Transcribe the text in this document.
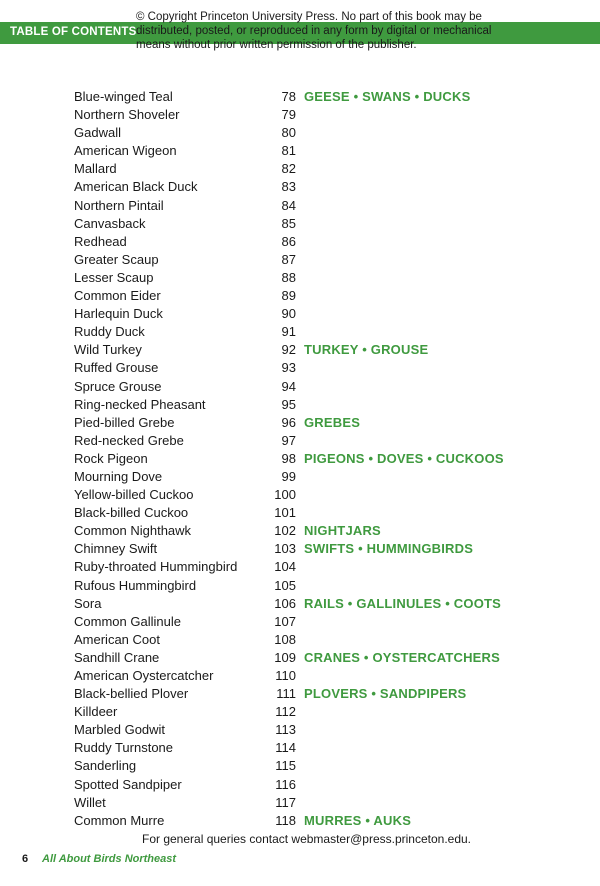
TABLE OF CONTENTS
© Copyright Princeton University Press. No part of this book may be distributed, posted, or reproduced in any form by digital or mechanical means without prior written permission of the publisher.
Blue-winged Teal	78 GEESE • SWANS • DUCKS
Northern Shoveler	79
Gadwall	80
American Wigeon	81
Mallard	82
American Black Duck	83
Northern Pintail	84
Canvasback	85
Redhead	86
Greater Scaup	87
Lesser Scaup	88
Common Eider	89
Harlequin Duck	90
Ruddy Duck	91
Wild Turkey	92 TURKEY • GROUSE
Ruffed Grouse	93
Spruce Grouse	94
Ring-necked Pheasant	95
Pied-billed Grebe	96 GREBES
Red-necked Grebe	97
Rock Pigeon	98 PIGEONS • DOVES • CUCKOOS
Mourning Dove	99
Yellow-billed Cuckoo	100
Black-billed Cuckoo	101
Common Nighthawk	102 NIGHTJARS
Chimney Swift	103 SWIFTS • HUMMINGBIRDS
Ruby-throated Hummingbird	104
Rufous Hummingbird	105
Sora	106 RAILS • GALLINULES • COOTS
Common Gallinule	107
American Coot	108
Sandhill Crane	109 CRANES • OYSTERCATCHERS
American Oystercatcher	110
Black-bellied Plover	111 PLOVERS • SANDPIPERS
Killdeer	112
Marbled Godwit	113
Ruddy Turnstone	114
Sanderling	115
Spotted Sandpiper	116
Willet	117
Common Murre	118 MURRES • AUKS
For general queries contact webmaster@press.princeton.edu.
6 All About Birds Northeast
